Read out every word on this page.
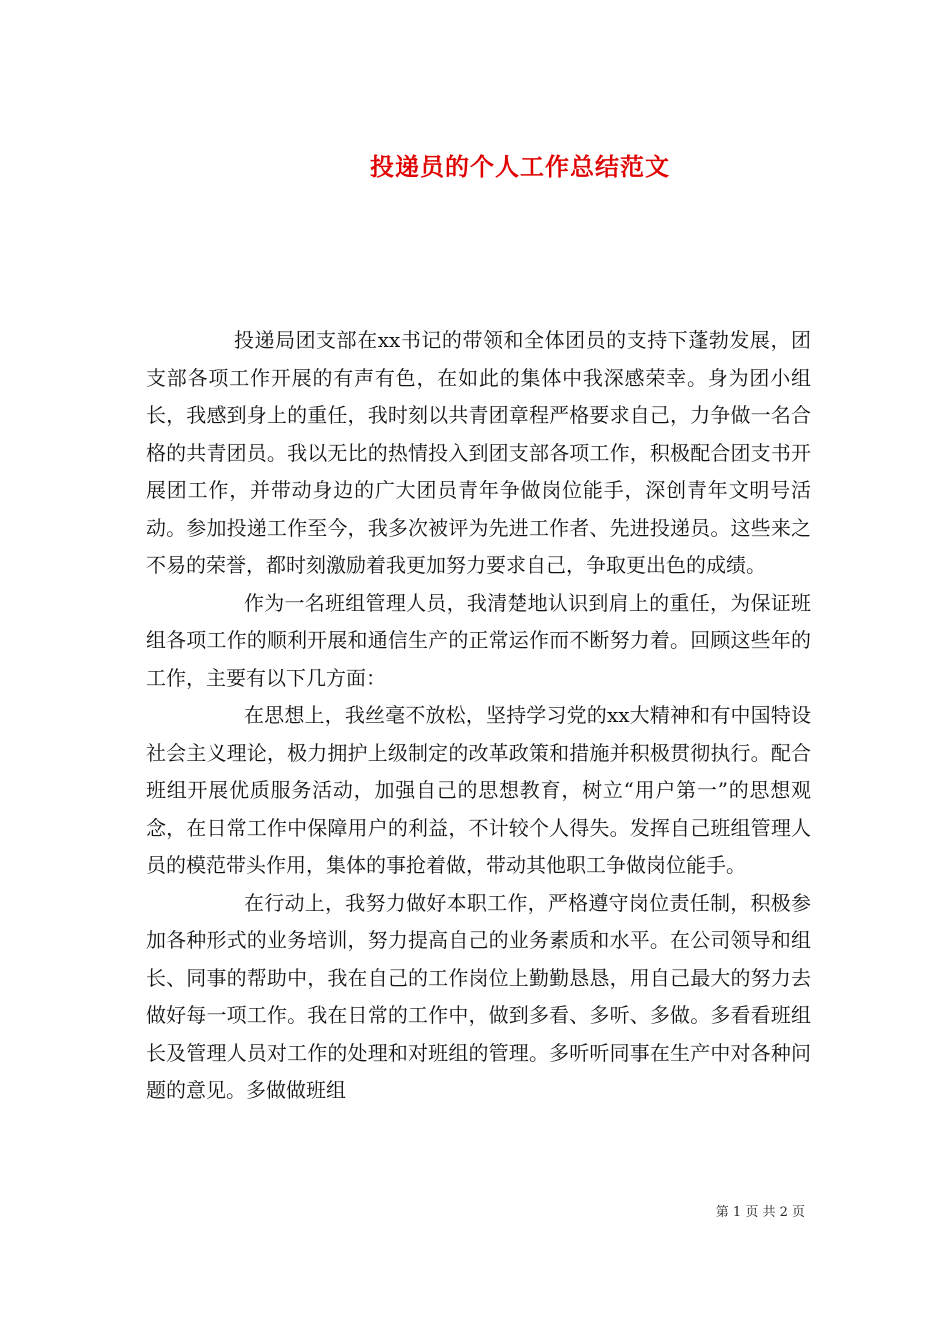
投递员的个人工作总结范文

投递局团支部在xx书记的带领和全体团员的支持下蓬勃发展，团支部各项工作开展的有声有色，在如此的集体中我深感荣幸。身为团小组长，我感到身上的重任，我时刻以共青团章程严格要求自己，力争做一名合格的共青团员。我以无比的热情投入到团支部各项工作，积极配合团支书开展团工作，并带动身边的广大团员青年争做岗位能手，深创青年文明号活动。参加投递工作至今，我多次被评为先进工作者、先进投递员。这些来之不易的荣誉，都时刻激励着我更加努力要求自己，争取更出色的成绩。

作为一名班组管理人员，我清楚地认识到肩上的重任，为保证班组各项工作的顺利开展和通信生产的正常运作而不断努力着。回顾这些年的工作，主要有以下几方面：

在思想上，我丝毫不放松，坚持学习党的xx大精神和有中国特设社会主义理论，极力拥护上级制定的改革政策和措施并积极贯彻执行。配合班组开展优质服务活动，加强自己的思想教育，树立“用户第一”的思想观念，在日常工作中保障用户的利益，不计较个人得失。发挥自己班组管理人员的模范带头作用，集体的事抢着做，带动其他职工争做岗位能手。

在行动上，我努力做好本职工作，严格遵守岗位责任制，积极参加各种形式的业务培训，努力提高自己的业务素质和水平。在公司领导和组长、同事的帮助中，我在自己的工作岗位上勤勤恳恳，用自己最大的努力去做好每一项工作。我在日常的工作中，做到多看、多听、多做。多看看班组长及管理人员对工作的处理和对班组的管理。多听听同事在生产中对各种问题的意见。多做做班组

第 1 页 共 2 页
